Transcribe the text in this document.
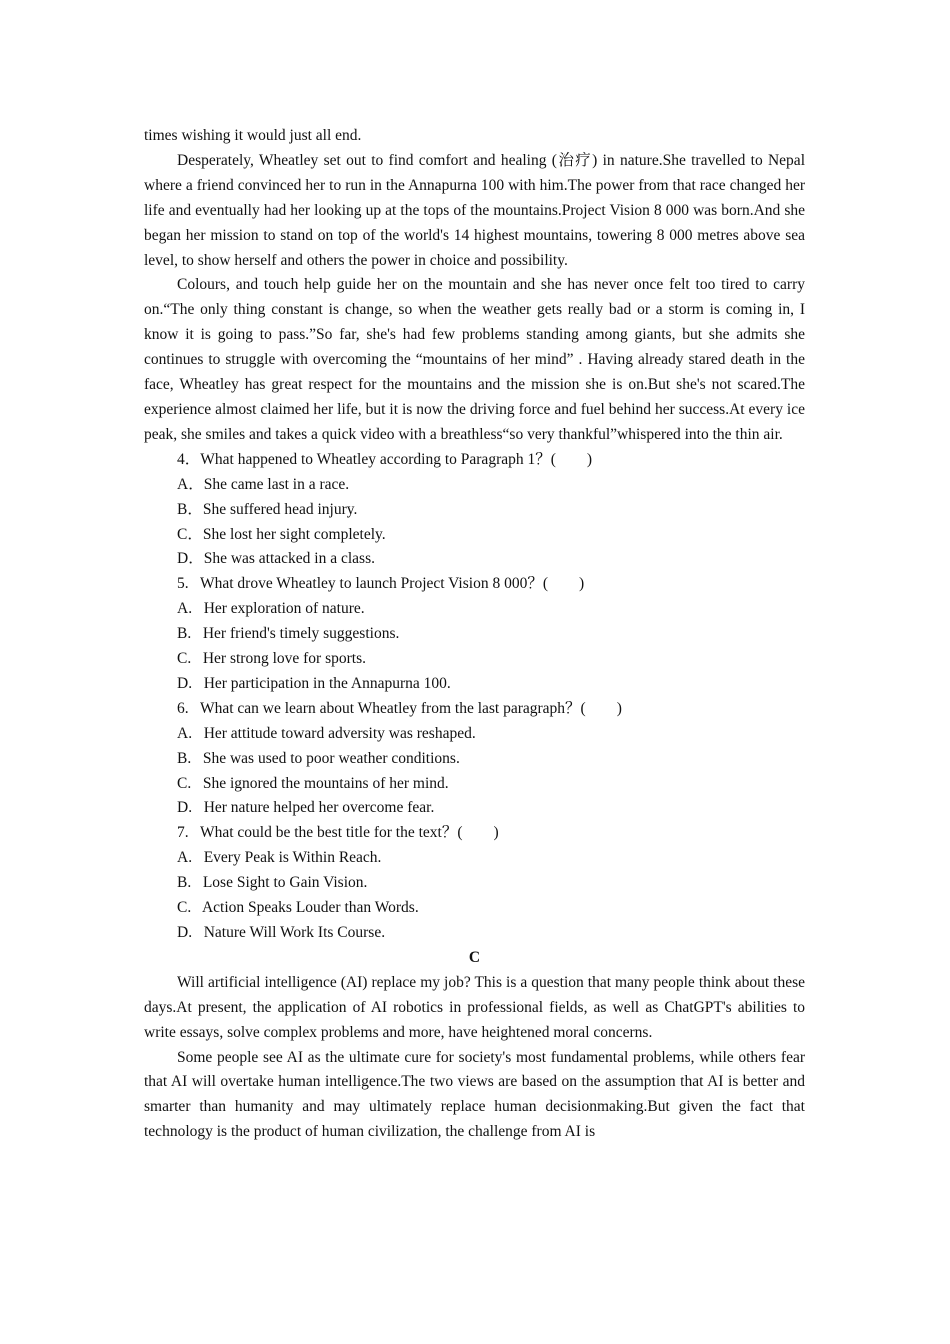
times wishing it would just all end.

Desperately, Wheatley set out to find comfort and healing (治疗) in nature.She travelled to Nepal where a friend convinced her to run in the Annapurna 100 with him.The power from that race changed her life and eventually had her looking up at the tops of the mountains.Project Vision 8 000 was born.And she began her mission to stand on top of the world's 14 highest mountains, towering 8 000 metres above sea level, to show herself and others the power in choice and possibility.

Colours, and touch help guide her on the mountain and she has never once felt too tired to carry on.“The only thing constant is change, so when the weather gets really bad or a storm is coming in, I know it is going to pass.”So far, she's had few problems standing among giants, but she admits she continues to struggle with overcoming the “mountains of her mind” . Having already stared death in the face, Wheatley has great respect for the mountains and the mission she is on.But she's not scared.The experience almost claimed her life, but it is now the driving force and fuel behind her success.At every ice peak, she smiles and takes a quick video with a breathless“so very thankful”whispered into the thin air.

4．What happened to Wheatley according to Paragraph 1？(　　)

A．She came last in a race.

B．She suffered head injury.

C．She lost her sight completely.

D．She was attacked in a class.

5.   What drove Wheatley to launch Project Vision 8 000？(　　)

A.   Her exploration of nature.

B.   Her friend's timely suggestions.

C.   Her strong love for sports.

D.   Her participation in the Annapurna 100.

6.   What can we learn about Wheatley from the last paragraph？(　　)

A.   Her attitude toward adversity was reshaped.

B.   She was used to poor weather conditions.

C.   She ignored the mountains of her mind.

D.   Her nature helped her overcome fear.

7.   What could be the best title for the text？(　　)

A.   Every Peak is Within Reach.

B.   Lose Sight to Gain Vision.

C.   Action Speaks Louder than Words.

D.   Nature Will Work Its Course.

C

Will artificial intelligence (AI) replace my job? This is a question that many people think about these days.At present, the application of AI robotics in professional fields, as well as ChatGPT's abilities to write essays, solve complex problems and more, have heightened moral concerns.

Some people see AI as the ultimate cure for society's most fundamental problems, while others fear that AI will overtake human intelligence.The two views are based on the assumption that AI is better and smarter than humanity and may ultimately replace human decisionmaking.But given the fact that technology is the product of human civilization, the challenge from AI is
